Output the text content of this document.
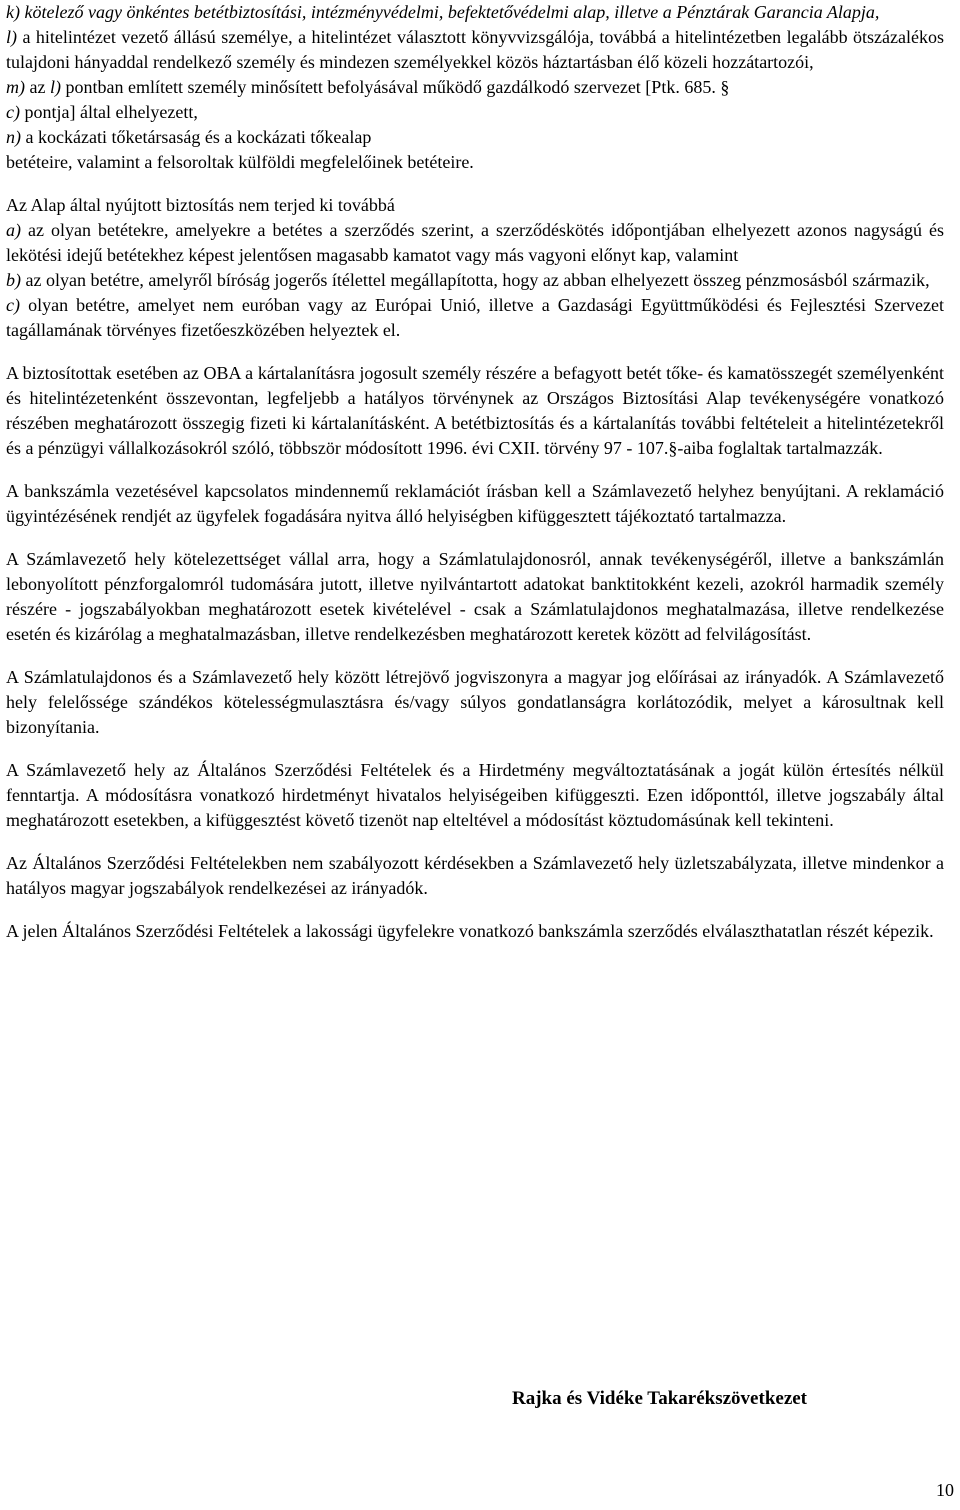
k) kötelező vagy önkéntes betétbiztosítási, intézményvédelmi, befektetővédelmi alap, illetve a Pénztárak Garancia Alapja,
l) a hitelintézet vezető állású személye, a hitelintézet választott könyvvizsgálója, továbbá a hitelintézetben legalább ötszázalékos tulajdoni hányaddal rendelkező személy és mindezen személyekkel közös háztartásban élő közeli hozzátartozói,
m) az l) pontban említett személy minősített befolyásával működő gazdálkodó szervezet [Ptk. 685. §
c) pontja] által elhelyezett,
n) a kockázati tőketársaság és a kockázati tőkealap
betéteire, valamint a felsoroltak külföldi megfelelőinek betéteire.
Az Alap által nyújtott biztosítás nem terjed ki továbbá
a) az olyan betétekre, amelyekre a betétes a szerződés szerint, a szerződéskötés időpontjában elhelyezett azonos nagyságú és lekötési idejű betétekhez képest jelentősen magasabb kamatot vagy más vagyoni előnyt kap, valamint
b) az olyan betétre, amelyről bíróság jogerős ítélettel megállapította, hogy az abban elhelyezett összeg pénzmosásból származik,
c) olyan betétre, amelyet nem euróban vagy az Európai Unió, illetve a Gazdasági Együttműködési és Fejlesztési Szervezet tagállamának törvényes fizetőeszközében helyeztek el.
A biztosítottak esetében az OBA a kártalanításra jogosult személy részére a befagyott betét tőke- és kamatösszegét személyenként és hitelintézetenként összevontan, legfeljebb a hatályos törvénynek az Országos Biztosítási Alap tevékenységére vonatkozó részében meghatározott összegig fizeti ki kártalanításként. A betétbiztosítás és a kártalanítás további feltételeit a hitelintézetekről és a pénzügyi vállalkozásokról szóló, többször módosított 1996. évi CXII. törvény 97 - 107.§-aiba foglaltak tartalmazzák.
A bankszámla vezetésével kapcsolatos mindennemű reklamációt írásban kell a Számlavezető helyhez benyújtani. A reklamáció ügyintézésének rendjét az ügyfelek fogadására nyitva álló helyiségben kifüggesztett tájékoztató tartalmazza.
A Számlavezető hely kötelezettséget vállal arra, hogy a Számlatulajdonosról, annak tevékenységéről, illetve a bankszámlán lebonyolított pénzforgalomról tudomására jutott, illetve nyilvántartott adatokat banktitokként kezeli, azokról harmadik személy részére - jogszabályokban meghatározott esetek kivételével - csak a Számlatulajdonos meghatalmazása, illetve rendelkezése esetén és kizárólag a meghatalmazásban, illetve rendelkezésben meghatározott keretek között ad felvilágosítást.
A Számlatulajdonos és a Számlavezető hely között létrejövő jogviszonyra a magyar jog előírásai az irányadók. A Számlavezető hely felelőssége szándékos kötelességmulasztásra és/vagy súlyos gondatlanságra korlátozódik, melyet a károsultnak kell bizonyítania.
A Számlavezető hely az Általános Szerződési Feltételek és a Hirdetmény megváltoztatásának a jogát külön értesítés nélkül fenntartja. A módosításra vonatkozó hirdetményt hivatalos helyiségeiben kifüggeszti. Ezen időponttól, illetve jogszabály által meghatározott esetekben, a kifüggesztést követő tizenöt nap elteltével a módosítást köztudomásúnak kell tekinteni.
Az Általános Szerződési Feltételekben nem szabályozott kérdésekben a Számlavezető hely üzletszabályzata, illetve mindenkor a hatályos magyar jogszabályok rendelkezései az irányadók.
A jelen Általános Szerződési Feltételek a lakossági ügyfelekre vonatkozó bankszámla szerződés elválaszthatatlan részét képezik.
Rajka és Vidéke Takarékszövetkezet
10
